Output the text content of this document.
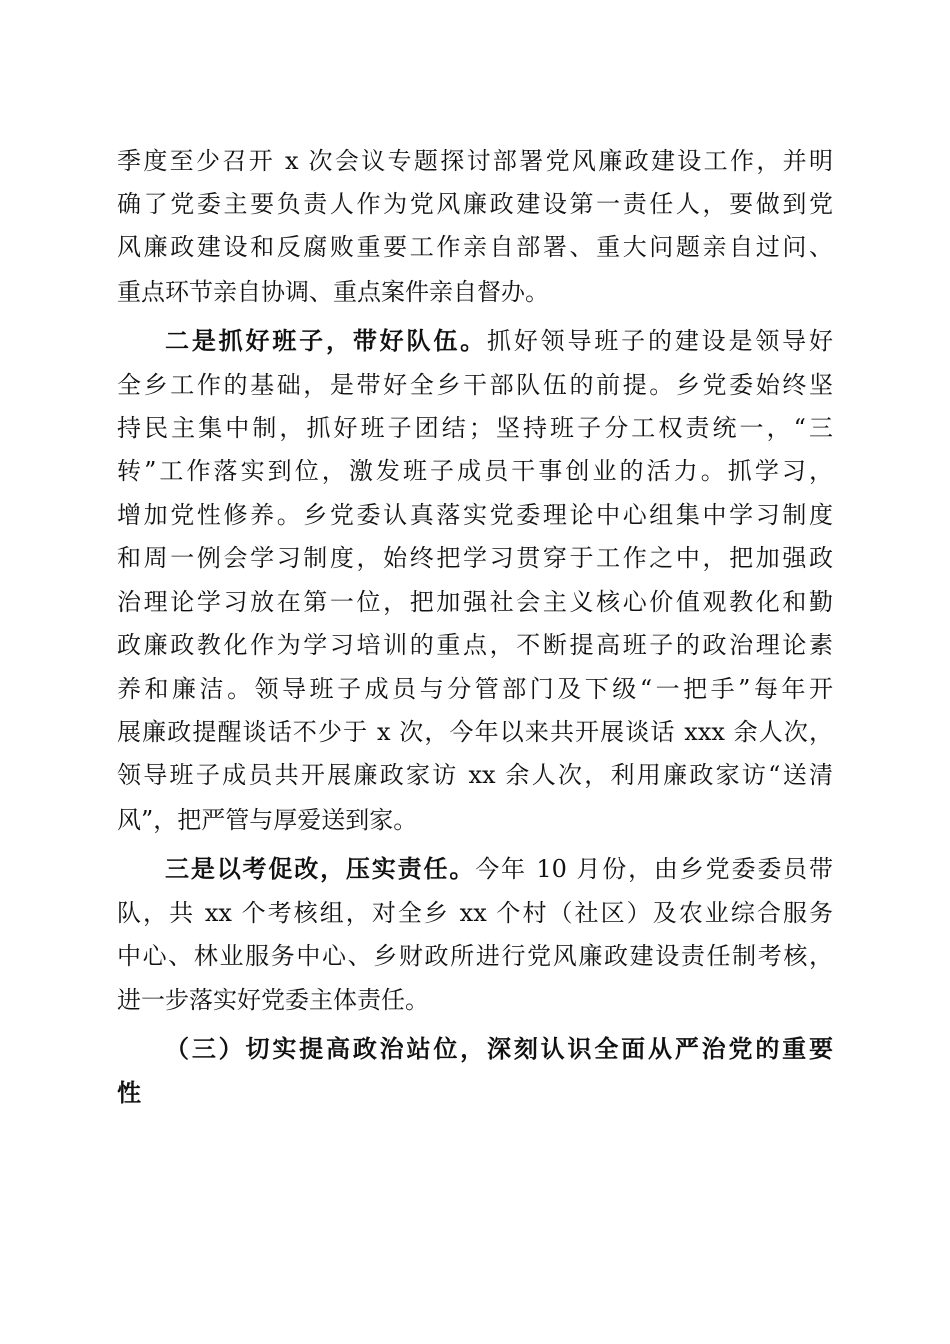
季度至少召开 x 次会议专题探讨部署党风廉政建设工作，并明
确了党委主要负责人作为党风廉政建设第一责任人，要做到党
风廉政建设和反腐败重要工作亲自部署、重大问题亲自过问、
重点环节亲自协调、重点案件亲自督办。
二是抓好班子，带好队伍。抓好领导班子的建设是领导好
全乡工作的基础，是带好全乡干部队伍的前提。乡党委始终坚
持民主集中制，抓好班子团结；坚持班子分工权责统一，“三
转”工作落实到位，激发班子成员干事创业的活力。抓学习，
增加党性修养。乡党委认真落实党委理论中心组集中学习制度
和周一例会学习制度，始终把学习贯穿于工作之中，把加强政
治理论学习放在第一位，把加强社会主义核心价值观教化和勤
政廉政教化作为学习培训的重点，不断提高班子的政治理论素
养和廉洁。领导班子成员与分管部门及下级“一把手”每年开
展廉政提醒谈话不少于 x 次，今年以来共开展谈话 xxx 余人次，
领导班子成员共开展廉政家访 xx 余人次，利用廉政家访“送清
风”，把严管与厚爱送到家。
三是以考促改，压实责任。今年 10 月份，由乡党委委员带
队，共 xx 个考核组，对全乡 xx 个村（社区）及农业综合服务
中心、林业服务中心、乡财政所进行党风廉政建设责任制考核，
进一步落实好党委主体责任。
（三）切实提高政治站位，深刻认识全面从严治党的重要
性
